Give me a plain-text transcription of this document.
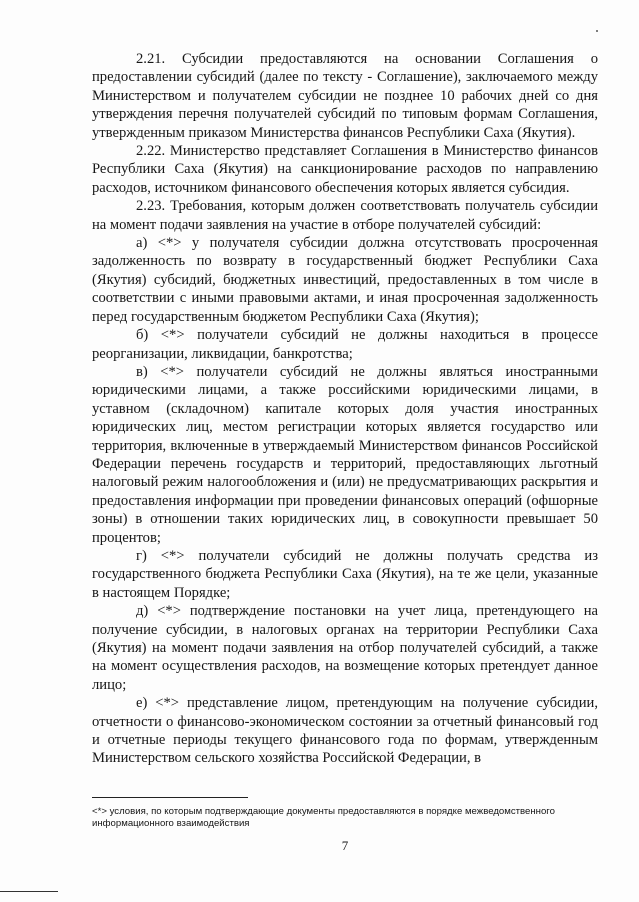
2.21. Субсидии предоставляются на основании Соглашения о предоставлении субсидий (далее по тексту - Соглашение), заключаемого между Министерством и получателем субсидии не позднее 10 рабочих дней со дня утверждения перечня получателей субсидий по типовым формам Соглашения, утвержденным приказом Министерства финансов Республики Саха (Якутия).

2.22. Министерство представляет Соглашения в Министерство финансов Республики Саха (Якутия) на санкционирование расходов по направлению расходов, источником финансового обеспечения которых является субсидия.

2.23. Требования, которым должен соответствовать получатель субсидии на момент подачи заявления на участие в отборе получателей субсидий:

а) <*> у получателя субсидии должна отсутствовать просроченная задолженность по возврату в государственный бюджет Республики Саха (Якутия) субсидий, бюджетных инвестиций, предоставленных в том числе в соответствии с иными правовыми актами, и иная просроченная задолженность перед государственным бюджетом Республики Саха (Якутия);

б) <*> получатели субсидий не должны находиться в процессе реорганизации, ликвидации, банкротства;

в) <*> получатели субсидий не должны являться иностранными юридическими лицами, а также российскими юридическими лицами, в уставном (складочном) капитале которых доля участия иностранных юридических лиц, местом регистрации которых является государство или территория, включенные в утверждаемый Министерством финансов Российской Федерации перечень государств и территорий, предоставляющих льготный налоговый режим налогообложения и (или) не предусматривающих раскрытия и предоставления информации при проведении финансовых операций (офшорные зоны) в отношении таких юридических лиц, в совокупности превышает 50 процентов;

г) <*> получатели субсидий не должны получать средства из государственного бюджета Республики Саха (Якутия), на те же цели, указанные в настоящем Порядке;

д) <*> подтверждение постановки на учет лица, претендующего на получение субсидии, в налоговых органах на территории Республики Саха (Якутия) на момент подачи заявления на отбор получателей субсидий, а также на момент осуществления расходов, на возмещение которых претендует данное лицо;

е) <*> представление лицом, претендующим на получение субсидии, отчетности о финансово-экономическом состоянии за отчетный финансовый год и отчетные периоды текущего финансового года по формам, утвержденным Министерством сельского хозяйства Российской Федерации, в

<*> условия, по которым подтверждающие документы предоставляются в порядке межведомственного информационного взаимодействия
7
